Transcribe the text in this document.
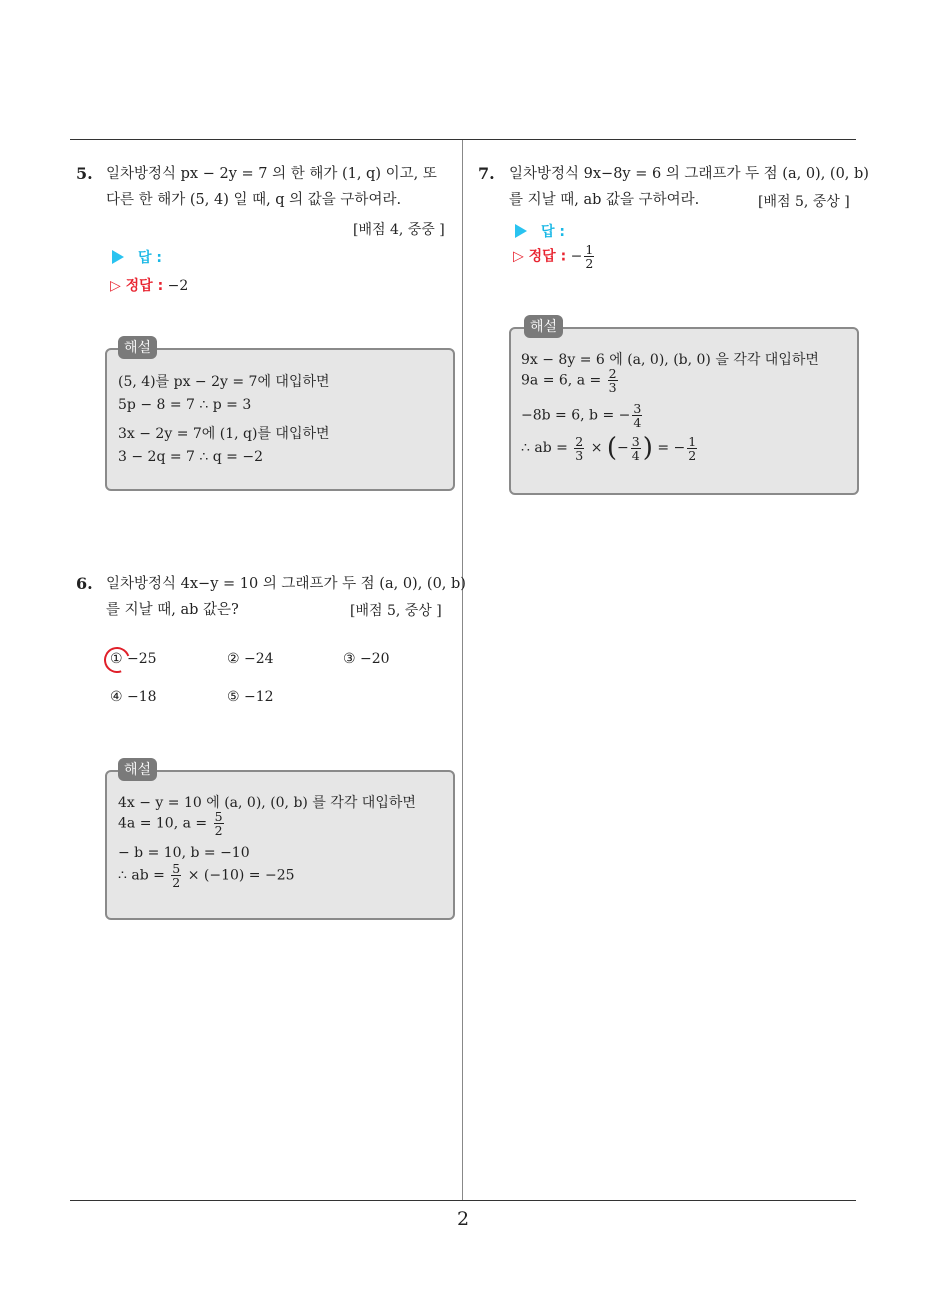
2
5. 일차방정식 px − 2y = 7 의 한 해가 (1, q) 이고, 또
다른 한 해가 (5, 4) 일 때, q 의 값을 구하여라.
[배점 4, 중중 ]
답 :
▷ 정답 : −2
해설
(5, 4)를 px − 2y = 7에 대입하면
5p − 8 = 7 ∴ p = 3
3x − 2y = 7에 (1, q)를 대입하면
3 − 2q = 7 ∴ q = −2
6. 일차방정식 4x−y = 10 의 그래프가 두 점 (a, 0), (0, b)
를 지날 때, ab 값은?	[배점 5, 중상 ]
① −25	② −24	③ −20
④ −18	⑤ −12
해설
4x − y = 10 에 (a, 0), (0, b) 를 각각 대입하면
4a = 10, $a = \frac{5}{2}$
− b = 10, b = −10
∴ ab = $\frac{5}{2} \times (-10) = -25$
7. 일차방정식 9x−8y = 6 의 그래프가 두 점 (a, 0), (0, b)
를 지날 때, ab 값을 구하여라.	[배점 5, 중상 ]
답 :
▷ 정답 : − $\frac{1}{2}$
해설
9x − 8y = 6 에 (a, 0), (b, 0) 을 각각 대입하면
9a = 6, $a = \frac{2}{3}$
−8b = 6, b = − $\frac{3}{4}$
∴ ab = $\frac{2}{3}$ × (− $\frac{3}{4}$ ) = − $\frac{1}{2}$
